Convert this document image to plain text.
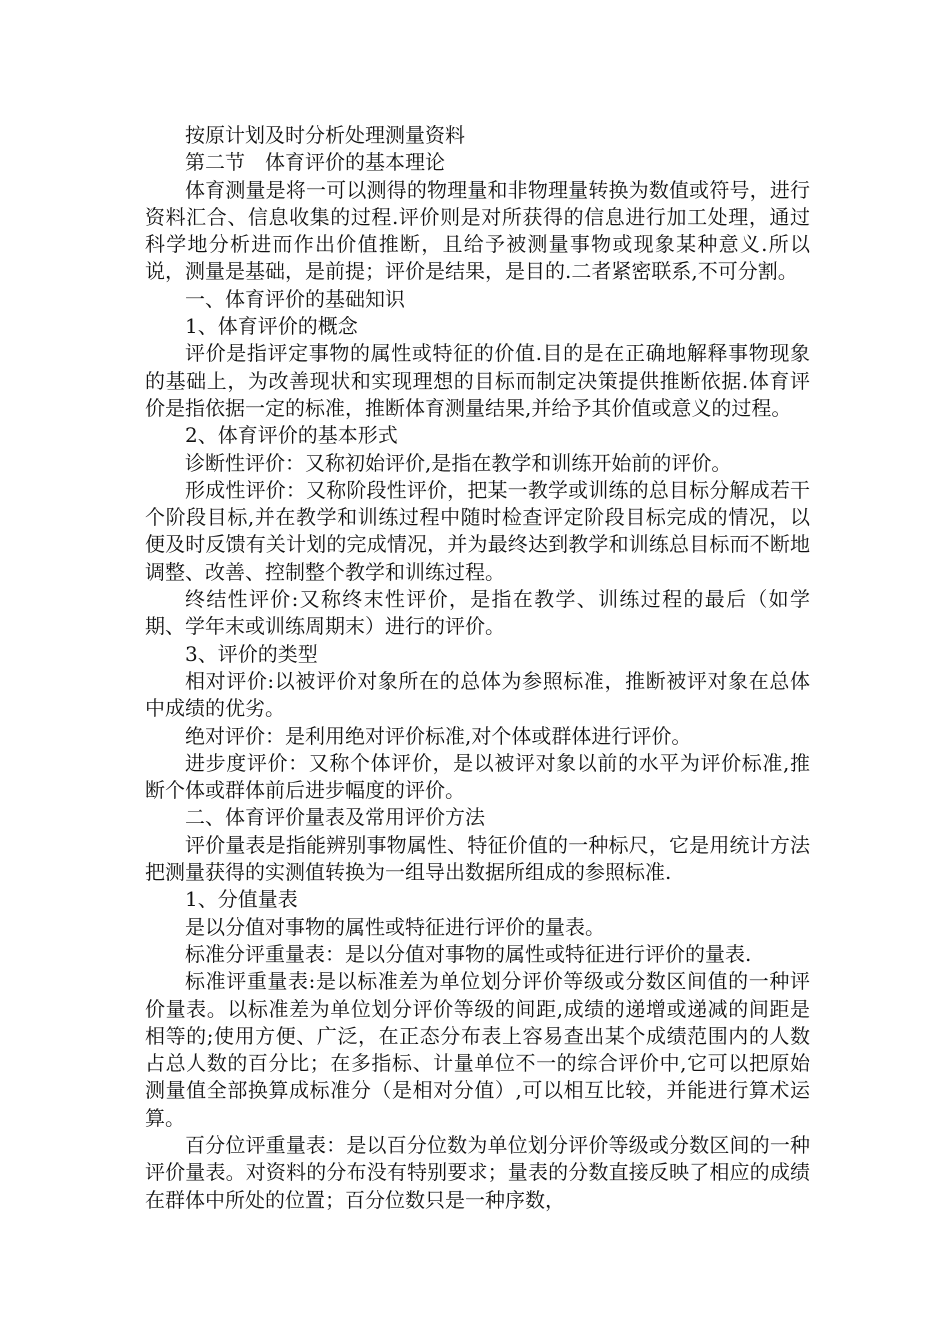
按原计划及时分析处理测量资料

第二节　体育评价的基本理论

体育测量是将一可以测得的物理量和非物理量转换为数值或符号，进行资料汇合、信息收集的过程.评价则是对所获得的信息进行加工处理，通过科学地分析进而作出价值推断，且给予被测量事物或现象某种意义.所以说，测量是基础，是前提；评价是结果，是目的.二者紧密联系,不可分割。

一、体育评价的基础知识

1、体育评价的概念

评价是指评定事物的属性或特征的价值.目的是在正确地解释事物现象的基础上，为改善现状和实现理想的目标而制定决策提供推断依据.体育评价是指依据一定的标准，推断体育测量结果,并给予其价值或意义的过程。

2、体育评价的基本形式

诊断性评价：又称初始评价,是指在教学和训练开始前的评价。

形成性评价：又称阶段性评价，把某一教学或训练的总目标分解成若干个阶段目标,并在教学和训练过程中随时检查评定阶段目标完成的情况，以便及时反馈有关计划的完成情况，并为最终达到教学和训练总目标而不断地调整、改善、控制整个教学和训练过程。

终结性评价:又称终末性评价，是指在教学、训练过程的最后（如学期、学年末或训练周期末）进行的评价。

3、评价的类型

相对评价:以被评价对象所在的总体为参照标准，推断被评对象在总体中成绩的优劣。

绝对评价：是利用绝对评价标准,对个体或群体进行评价。

进步度评价：又称个体评价，是以被评对象以前的水平为评价标准,推断个体或群体前后进步幅度的评价。

二、体育评价量表及常用评价方法

评价量表是指能辨别事物属性、特征价值的一种标尺，它是用统计方法把测量获得的实测值转换为一组导出数据所组成的参照标准.

1、分值量表

是以分值对事物的属性或特征进行评价的量表。

标准分评重量表：是以分值对事物的属性或特征进行评价的量表.

标准评重量表:是以标准差为单位划分评价等级或分数区间值的一种评价量表。以标准差为单位划分评价等级的间距,成绩的递增或递减的间距是相等的;使用方便、广泛，在正态分布表上容易查出某个成绩范围内的人数占总人数的百分比；在多指标、计量单位不一的综合评价中,它可以把原始测量值全部换算成标准分（是相对分值）,可以相互比较，并能进行算术运算。

百分位评重量表：是以百分位数为单位划分评价等级或分数区间的一种评价量表。对资料的分布没有特别要求；量表的分数直接反映了相应的成绩在群体中所处的位置；百分位数只是一种序数，
